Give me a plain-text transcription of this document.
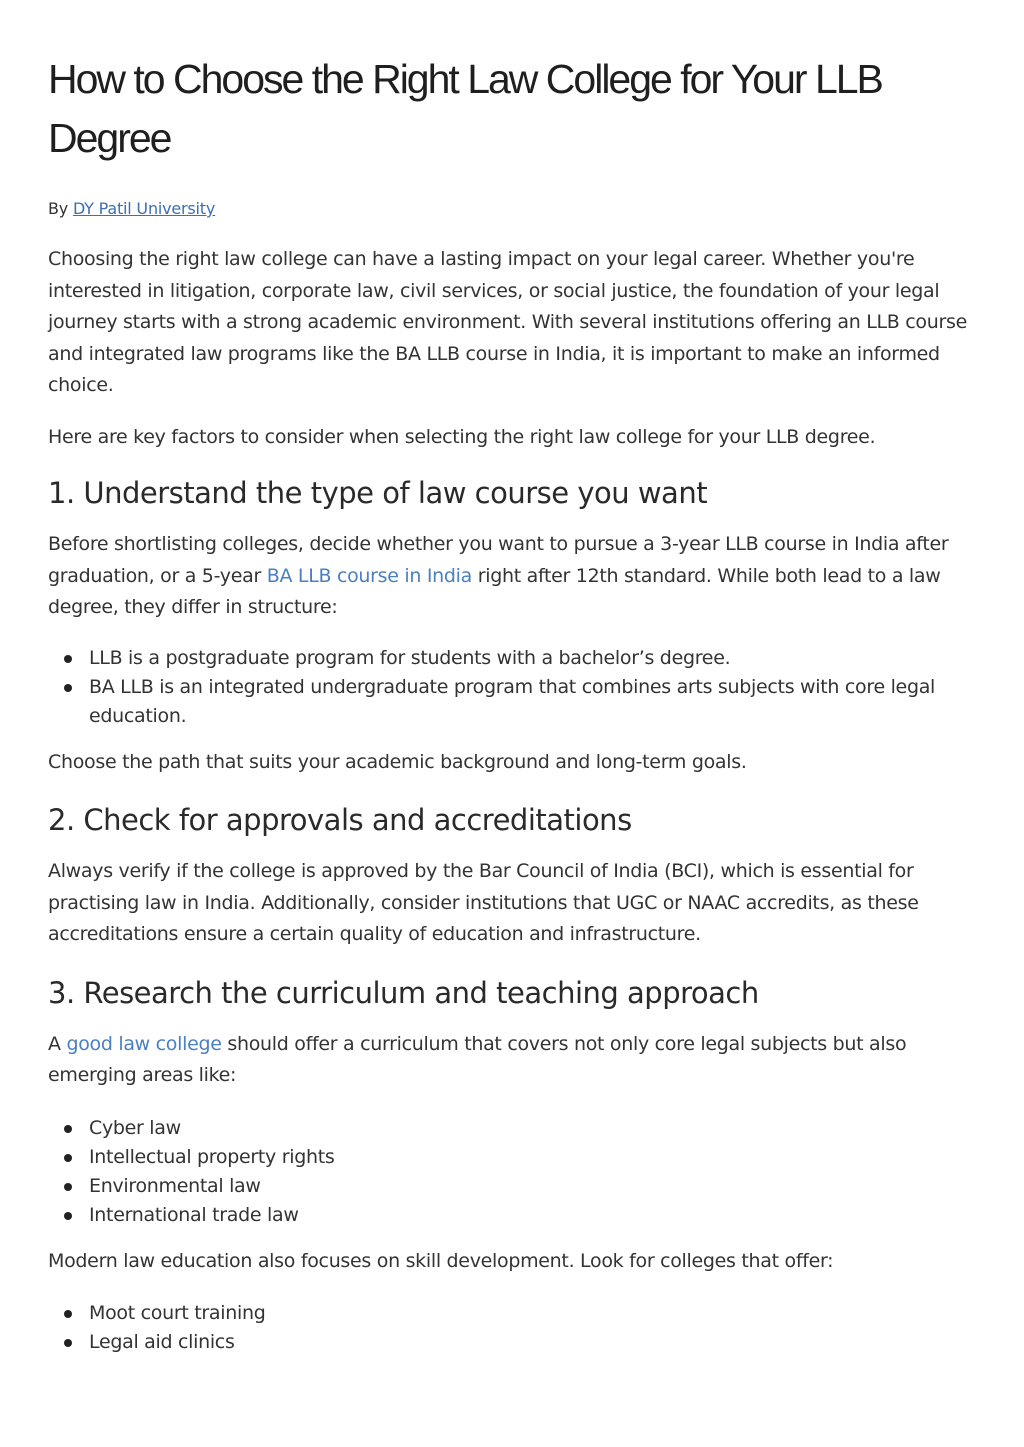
How to Choose the Right Law College for Your LLB Degree
By DY Patil University

Choosing the right law college can have a lasting impact on your legal career. Whether you're interested in litigation, corporate law, civil services, or social justice, the foundation of your legal journey starts with a strong academic environment. With several institutions offering an LLB course and integrated law programs like the BA LLB course in India, it is important to make an informed choice.

Here are key factors to consider when selecting the right law college for your LLB degree.

1. Understand the type of law course you want

Before shortlisting colleges, decide whether you want to pursue a 3-year LLB course in India after graduation, or a 5-year BA LLB course in India right after 12th standard. While both lead to a law degree, they differ in structure:

LLB is a postgraduate program for students with a bachelor’s degree.
BA LLB is an integrated undergraduate program that combines arts subjects with core legal education.

Choose the path that suits your academic background and long-term goals.

2. Check for approvals and accreditations

Always verify if the college is approved by the Bar Council of India (BCI), which is essential for practising law in India. Additionally, consider institutions that UGC or NAAC accredits, as these accreditations ensure a certain quality of education and infrastructure.

3. Research the curriculum and teaching approach

A good law college should offer a curriculum that covers not only core legal subjects but also emerging areas like:

Cyber law
Intellectual property rights
Environmental law
International trade law

Modern law education also focuses on skill development. Look for colleges that offer:

Moot court training
Legal aid clinics
